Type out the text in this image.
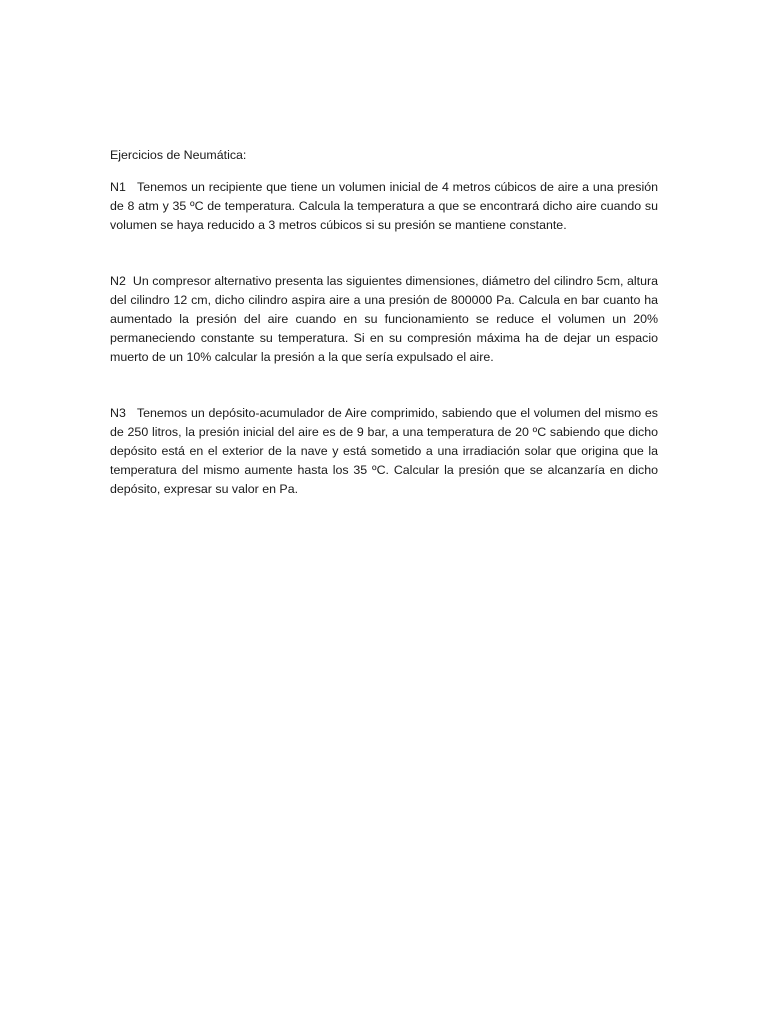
Ejercicios de Neumática:

N1 Tenemos un recipiente que tiene un volumen inicial de 4 metros cúbicos de aire a una presión de 8 atm y 35 ºC de temperatura. Calcula la temperatura a que se encontrará dicho aire cuando su volumen se haya reducido a 3 metros cúbicos si su presión se mantiene constante.

N2 Un compresor alternativo presenta las siguientes dimensiones, diámetro del cilindro 5cm, altura del cilindro 12 cm, dicho cilindro aspira aire a una presión de 800000 Pa. Calcula en bar cuanto ha aumentado la presión del aire cuando en su funcionamiento se reduce el volumen un 20% permaneciendo constante su temperatura. Si en su compresión máxima ha de dejar un espacio muerto de un 10% calcular la presión a la que sería expulsado el aire.

N3 Tenemos un depósito-acumulador de Aire comprimido, sabiendo que el volumen del mismo es de 250 litros, la presión inicial del aire es de 9 bar, a una temperatura de 20 ºC sabiendo que dicho depósito está en el exterior de la nave y está sometido a una irradiación solar que origina que la temperatura del mismo aumente hasta los 35 ºC. Calcular la presión que se alcanzaría en dicho depósito, expresar su valor en Pa.
